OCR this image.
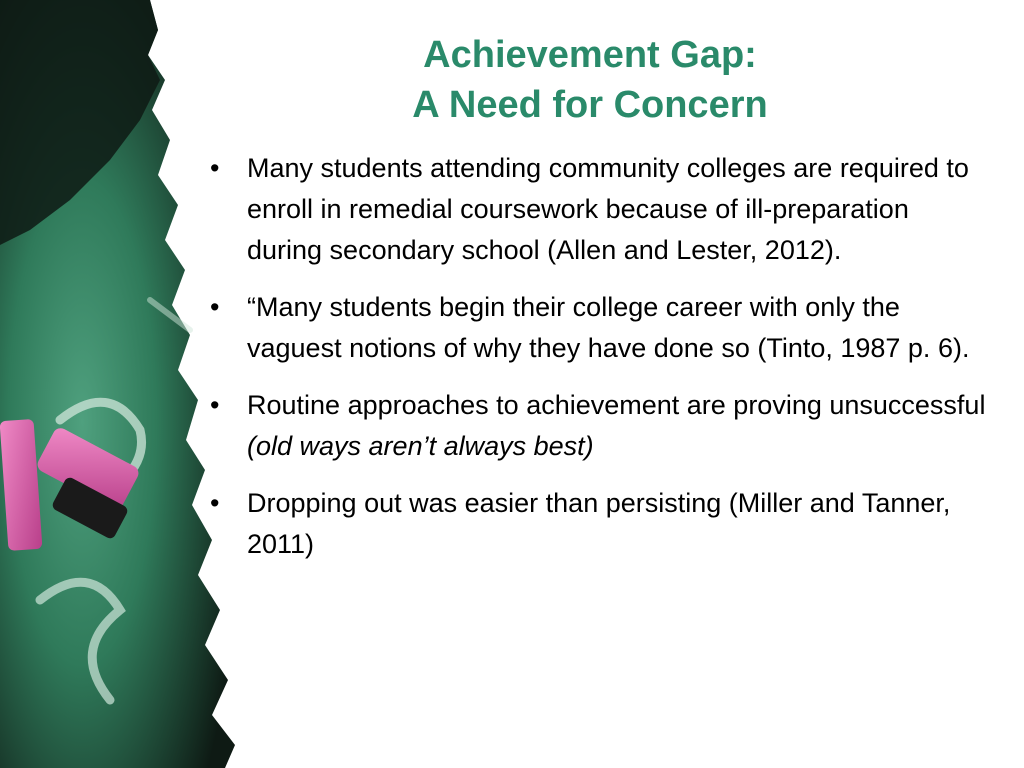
Achievement Gap:
A Need for Concern
• Many students attending community colleges are required to enroll in remedial coursework because of ill-preparation during secondary school (Allen and Lester, 2012).
• “Many students begin their college career with only the vaguest notions of why they have done so (Tinto, 1987 p. 6).
• Routine approaches to achievement are proving unsuccessful (old ways aren’t always best)
• Dropping out was easier than persisting (Miller and Tanner, 2011)
